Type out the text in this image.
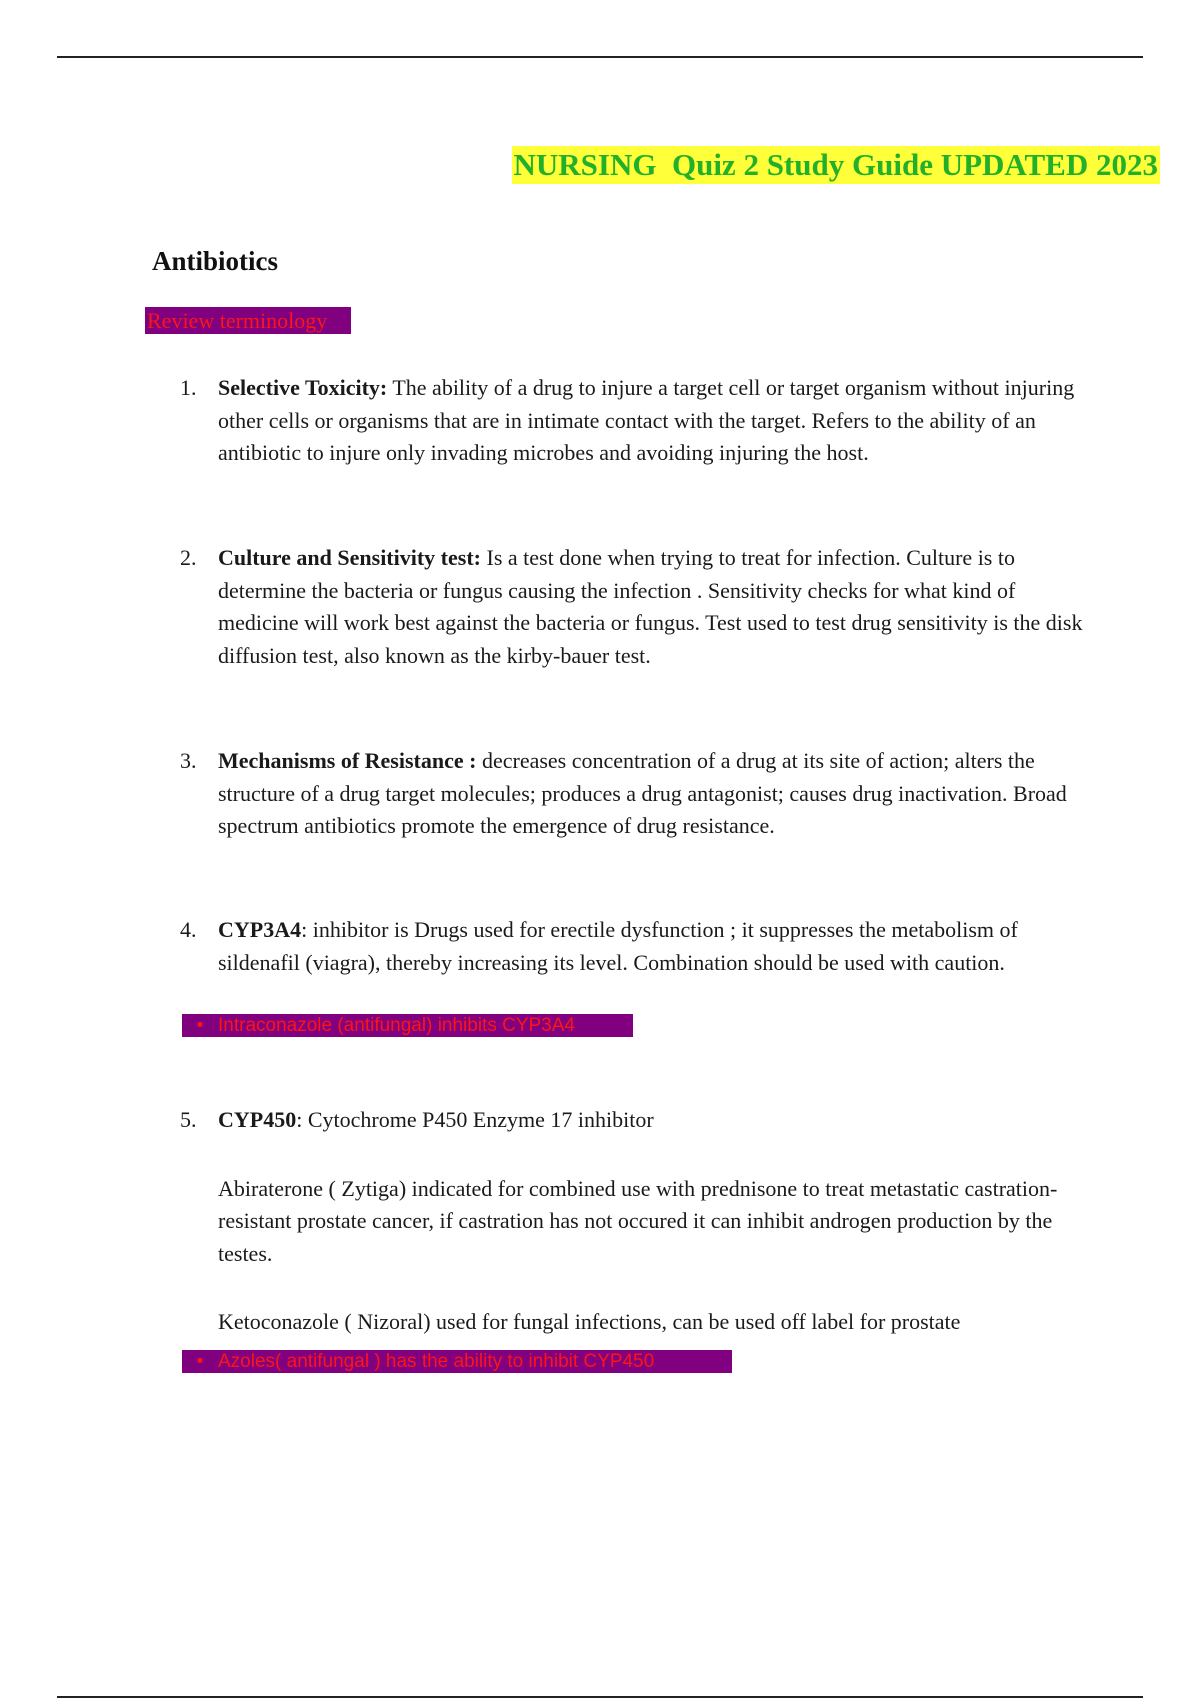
NURSING  Quiz 2 Study Guide UPDATED 2023
Antibiotics
Review terminology
1. Selective Toxicity: The ability of a drug to injure a target cell or target organism without injuring other cells or organisms that are in intimate contact with the target. Refers to the ability of an antibiotic to injure only invading microbes and avoiding injuring the host.
2. Culture and Sensitivity test: Is a test done when trying to treat for infection. Culture is to determine the bacteria or fungus causing the infection . Sensitivity checks for what kind of medicine will work best against the bacteria or fungus. Test used to test drug sensitivity is the disk diffusion test, also known as the kirby-bauer test.
3. Mechanisms of Resistance : decreases concentration of a drug at its site of action; alters the structure of a drug target molecules; produces a drug antagonist; causes drug inactivation. Broad spectrum antibiotics promote the emergence of drug resistance.
4. CYP3A4: inhibitor is Drugs used for erectile dysfunction ; it suppresses the metabolism of sildenafil (viagra), thereby increasing its level. Combination should be used with caution.
• Intraconazole (antifungal) inhibits CYP3A4
5. CYP450: Cytochrome P450 Enzyme 17 inhibitor

Abiraterone ( Zytiga) indicated for combined use with prednisone to treat metastatic castration-resistant prostate cancer, if castration has not occured it can inhibit androgen production by the testes.

Ketoconazole ( Nizoral) used for fungal infections, can be used off label for prostate

• Azoles( antifungal ) has the ability to inhibit CYP450
